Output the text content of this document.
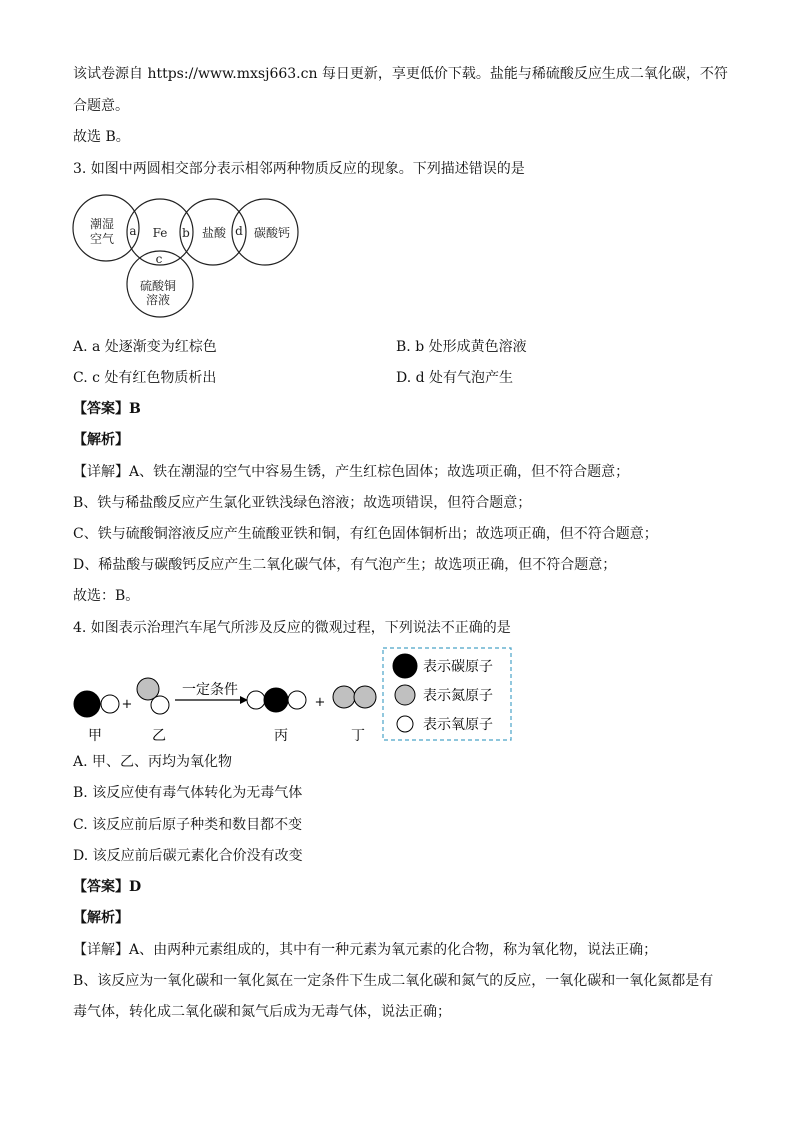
该试卷源自 https://www.mxsj663.cn 每日更新，享更低价下载。盐能与稀硫酸反应生成二氧化碳，不符
合题意。
故选 B。
3. 如图中两圆相交部分表示相邻两种物质反应的现象。下列描述错误的是
潮湿
空气	Fe	盐酸 碳酸钙
硫酸铜
溶液
a	b	d
c
A. a 处逐渐变为红棕色	B. b 处形成黄色溶液
C. c 处有红色物质析出	D. d 处有气泡产生
【答案】B
【解析】
【详解】A、铁在潮湿的空气中容易生锈，产生红棕色固体；故选项正确，但不符合题意；
B、铁与稀盐酸反应产生氯化亚铁浅绿色溶液；故选项错误，但符合题意；
C、铁与硫酸铜溶液反应产生硫酸亚铁和铜，有红色固体铜析出；故选项正确，但不符合题意；
D、稀盐酸与碳酸钙反应产生二氧化碳气体，有气泡产生；故选项正确，但不符合题意；
故选：B。
4. 如图表示治理汽车尾气所涉及反应的微观过程，下列说法不正确的是
+
一定条件
+
甲	乙	丙	丁
表示碳原子
表示氮原子
表示氧原子
A. 甲、乙、丙均为氧化物
B. 该反应使有毒气体转化为无毒气体
C. 该反应前后原子种类和数目都不变
D. 该反应前后碳元素化合价没有改变
【答案】D
【解析】
【详解】A、由两种元素组成的，其中有一种元素为氧元素的化合物，称为氧化物，说法正确；
B、该反应为一氧化碳和一氧化氮在一定条件下生成二氧化碳和氮气的反应，一氧化碳和一氧化氮都是有
毒气体，转化成二氧化碳和氮气后成为无毒气体，说法正确；
